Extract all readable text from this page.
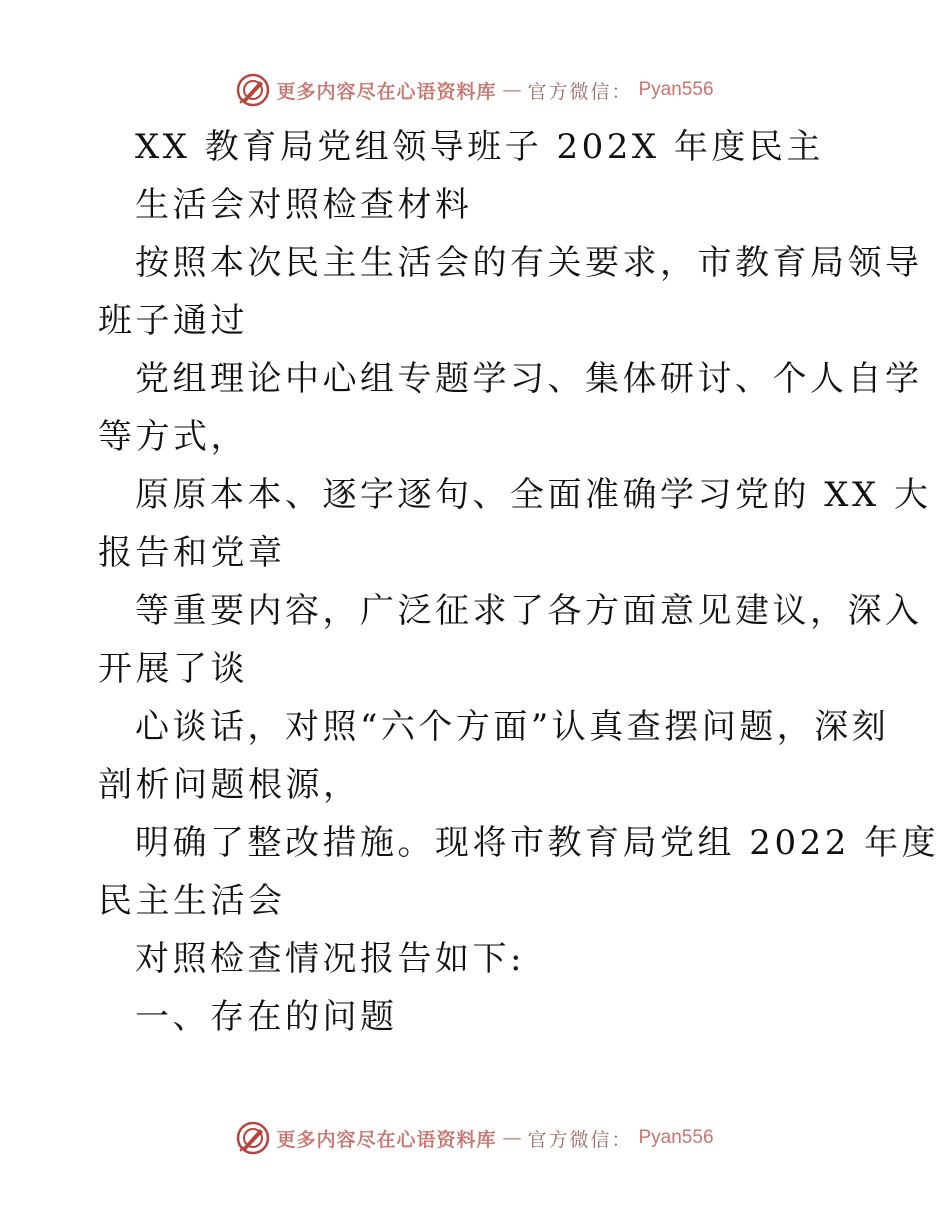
更多内容尽在心语资料库 — 官方微信： Pyan556
XX 教育局党组领导班子 202X 年度民主
生活会对照检查材料
按照本次民主生活会的有关要求，市教育局领导
班子通过
党组理论中心组专题学习、集体研讨、个人自学
等方式，
原原本本、逐字逐句、全面准确学习党的 XX 大
报告和党章
等重要内容，广泛征求了各方面意见建议，深入
开展了谈
心谈话，对照“六个方面”认真查摆问题，深刻
剖析问题根源，
明确了整改措施。现将市教育局党组 2022 年度
民主生活会
对照检查情况报告如下:
一、存在的问题
更多内容尽在心语资料库 — 官方微信： Pyan556
